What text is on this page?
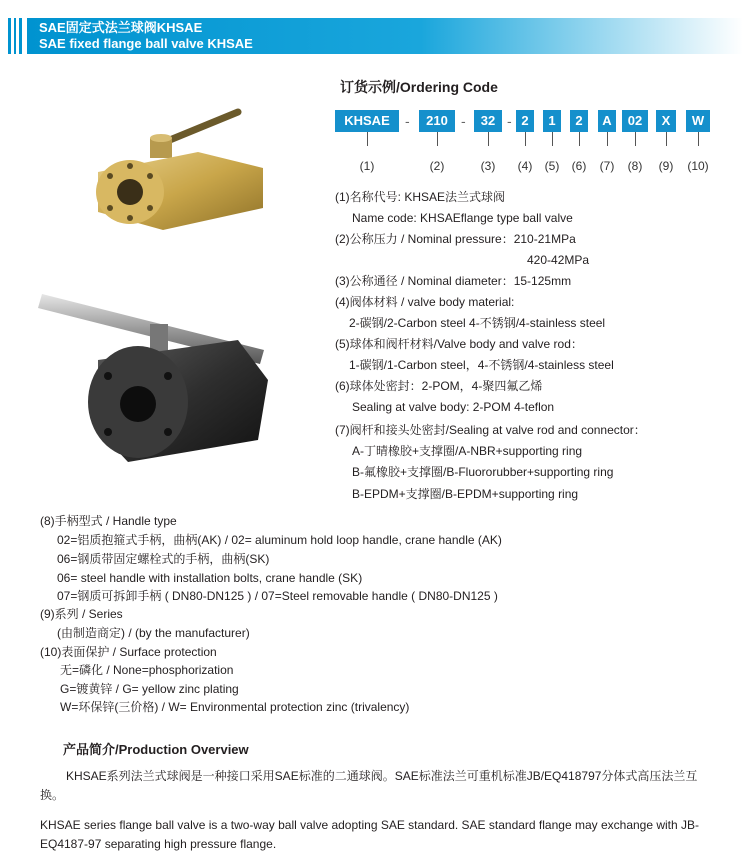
SAE固定式法兰球阀KHSAE
SAE fixed flange ball valve KHSAE
订货示例/Ordering Code
KHSAE	-	210 -	32 - 2	1	2	A	02	X	W
(1)	(2)	(3)	(4)	(5)	(6)	(7)	(8)	(9)	(10)
(1)名称代号: KHSAE法兰式球阀
Name code: KHSAEflange type ball valve
(2)公称压力 / Nominal pressure：210-21MPa
420-42MPa
(3)公称通径 / Nominal diameter：15-125mm
(4)阀体材料 / valve body material:
2-碳钢/2-Carbon steel 4-不锈钢/4-stainless steel
(5)球体和阀杆材料/Valve body and valve rod：
1-碳钢/1-Carbon steel，4-不锈钢/4-stainless steel
(6)球体处密封：2-POM，4-聚四氟乙烯
Sealing at valve body: 2-POM 4-teflon
(7)阀杆和接头处密封/Sealing at valve rod and connector：
A-丁晴橡胶+支撑圈/A-NBR+supporting ring
B-氟橡胶+支撑圈/B-Fluororubber+supporting ring
B-EPDM+支撑圈/B-EPDM+supporting ring
(8)手柄型式 / Handle type
02=铝质抱箍式手柄，曲柄(AK) / 02= aluminum hold loop handle, crane handle (AK)
06=钢质带固定螺栓式的手柄，曲柄(SK)
06= steel handle with installation bolts, crane handle (SK)
07=钢质可拆卸手柄 ( DN80-DN125 ) / 07=Steel removable handle ( DN80-DN125 )
(9)系列 / Series
(由制造商定) / (by the manufacturer)
(10)表面保护 / Surface protection
无=磷化 / None=phosphorization
G=镀黄锌 / G= yellow zinc plating
W=环保锌(三价格) / W= Environmental protection zinc (trivalency)
产品简介/Production Overview
KHSAE系列法兰式球阀是一种接口采用SAE标准的二通球阀。SAE标准法兰可重机标准JB/EQ418797分体式高压法兰互换。
KHSAE series flange ball valve is a two-way ball valve adopting SAE standard. SAE standard flange may exchange with JB-EQ4187-97 separating high pressure flange.
